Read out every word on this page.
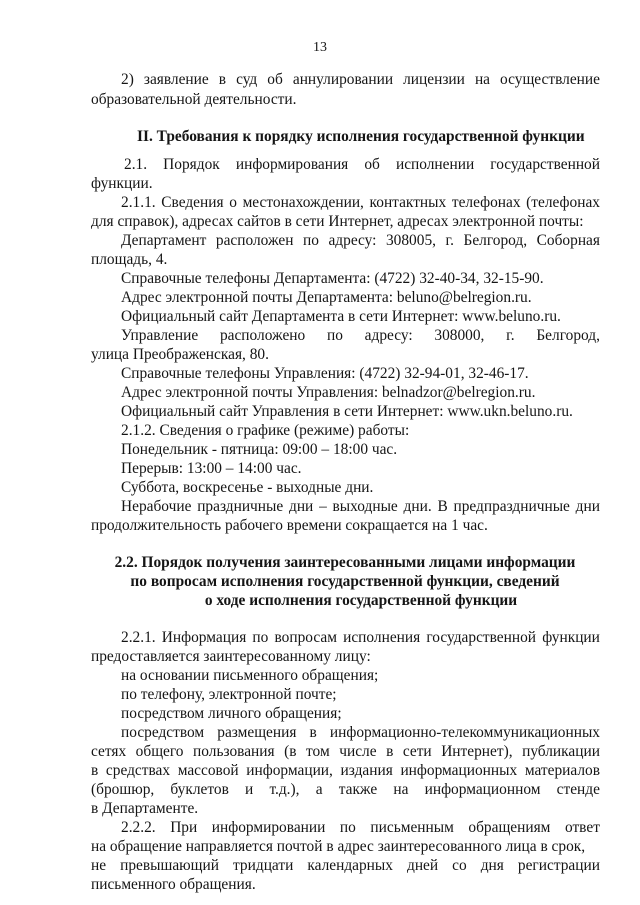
13
2) заявление в суд об аннулировании лицензии на осуществление
образовательной деятельности.
II. Требования к порядку исполнения государственной функции
2.1. Порядок информирования об исполнении государственной
функции.
2.1.1. Сведения о местонахождении, контактных телефонах (телефонах
для справок), адресах сайтов в сети Интернет, адресах электронной почты:
Департамент расположен по адресу: 308005, г. Белгород, Соборная
площадь, 4.
Справочные телефоны Департамента: (4722) 32-40-34, 32-15-90.
Адрес электронной почты Департамента: beluno@belregion.ru.
Официальный сайт Департамента в сети Интернет: www.beluno.ru.
Управление расположено по адресу: 308000, г. Белгород,
улица Преображенская, 80.
Справочные телефоны Управления: (4722) 32-94-01, 32-46-17.
Адрес электронной почты Управления: belnadzor@belregion.ru.
Официальный сайт Управления в сети Интернет: www.ukn.beluno.ru.
2.1.2. Сведения о графике (режиме) работы:
Понедельник - пятница: 09:00 – 18:00 час.
Перерыв: 13:00 – 14:00 час.
Суббота, воскресенье - выходные дни.
Нерабочие праздничные дни – выходные дни. В предпраздничные дни
продолжительность рабочего времени сокращается на 1 час.
2.2. Порядок получения заинтересованными лицами информации
по вопросам исполнения государственной функции, сведений
о ходе исполнения государственной функции
2.2.1. Информация по вопросам исполнения государственной функции
предоставляется заинтересованному лицу:
на основании письменного обращения;
по телефону, электронной почте;
посредством личного обращения;
посредством размещения в информационно-телекоммуникационных
сетях общего пользования (в том числе в сети Интернет), публикации
в средствах массовой информации, издания информационных материалов
(брошюр, буклетов и т.д.), а также на информационном стенде
в Департаменте.
2.2.2. При информировании по письменным обращениям ответ
на обращение направляется почтой в адрес заинтересованного лица в срок,
не превышающий тридцати календарных дней со дня регистрации
письменного обращения.
